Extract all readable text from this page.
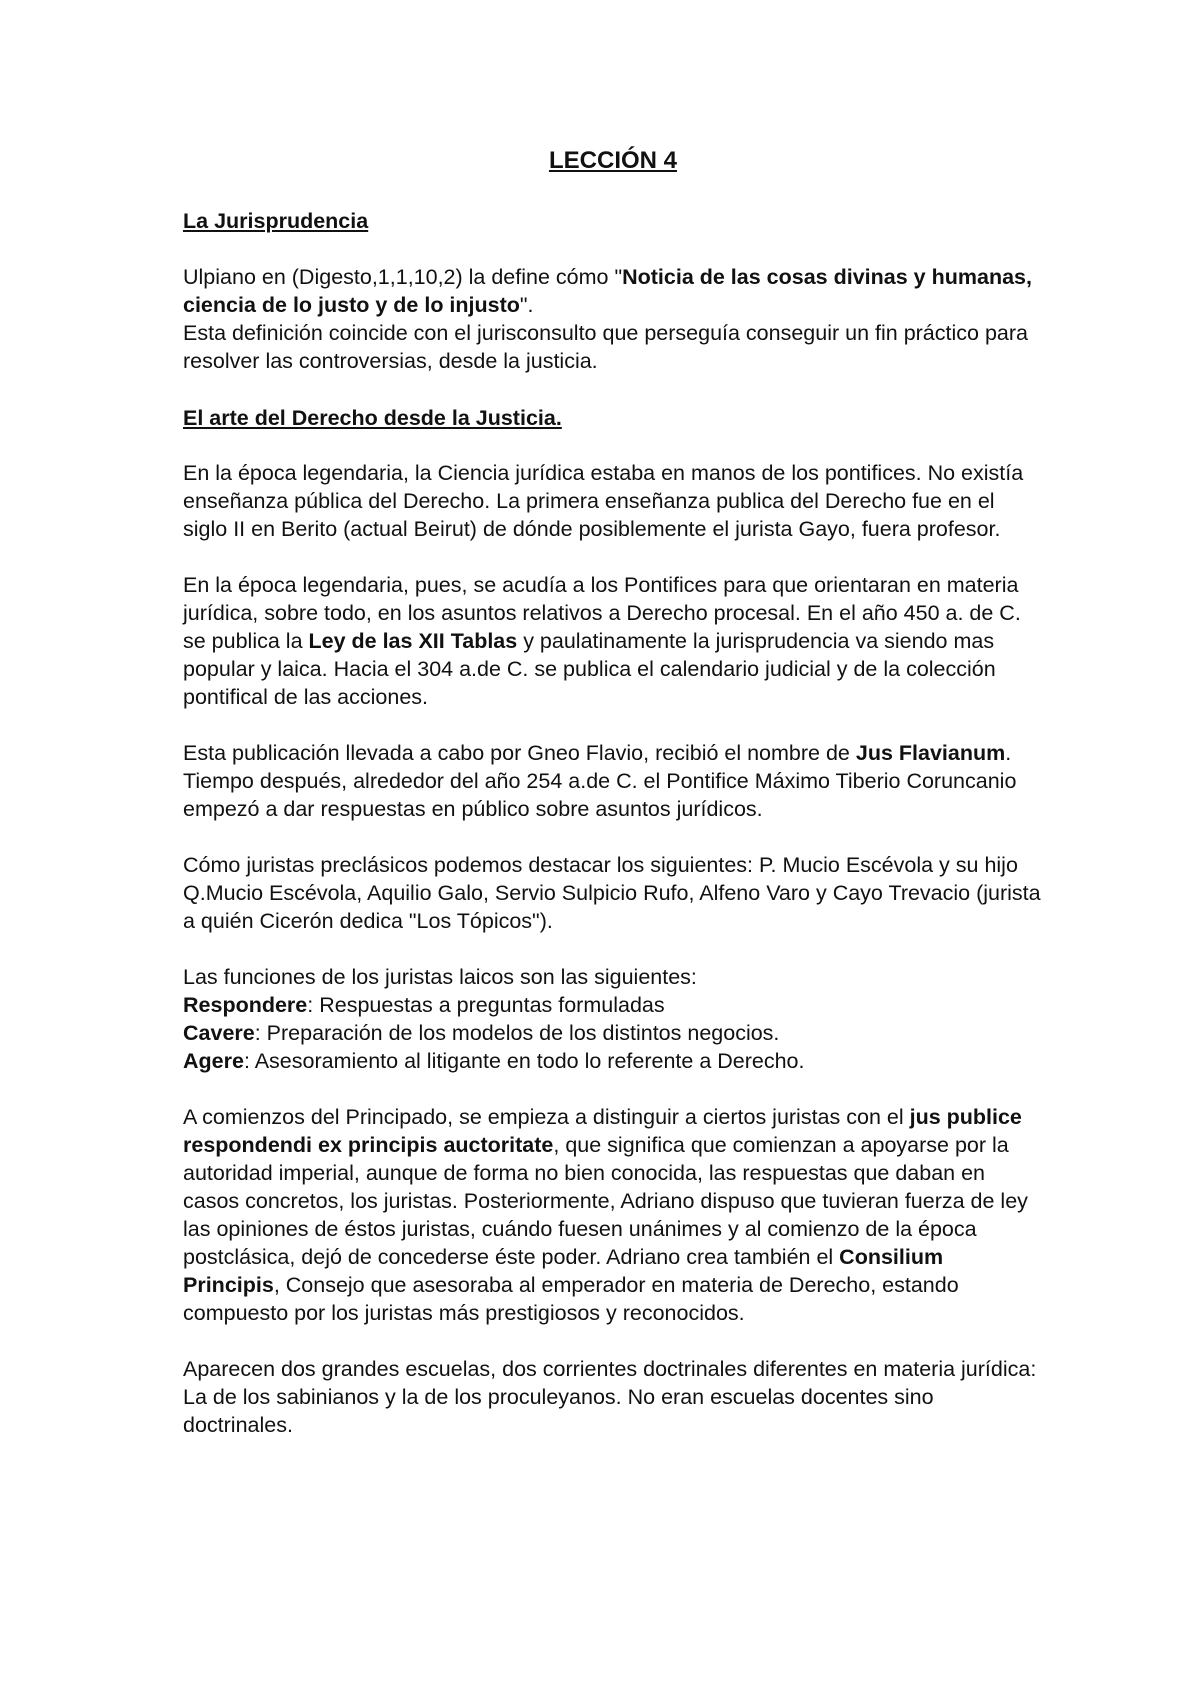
LECCIÓN 4
La Jurisprudencia

Ulpiano en (Digesto,1,1,10,2) la define cómo "Noticia de las cosas divinas y humanas, ciencia de lo justo y de lo injusto".
Esta definición coincide con el jurisconsulto que perseguía conseguir un fin práctico para resolver las controversias, desde la justicia.

El arte del Derecho desde la Justicia.

En la época legendaria, la Ciencia jurídica estaba en manos de los pontifices. No existía enseñanza pública del Derecho. La primera enseñanza publica del Derecho fue en el siglo II en Berito (actual Beirut) de dónde posiblemente el jurista Gayo, fuera profesor.

En la época legendaria, pues, se acudía a los Pontifices para que orientaran en materia jurídica, sobre todo, en los asuntos relativos a Derecho procesal. En el año 450 a. de C. se publica la Ley de las XII Tablas y paulatinamente la jurisprudencia va siendo mas popular y laica. Hacia el 304 a.de C. se publica el calendario judicial y de la colección pontifical de las acciones.

Esta publicación llevada a cabo por Gneo Flavio, recibió el nombre de Jus Flavianum. Tiempo después, alrededor del año 254 a.de C. el Pontifice Máximo Tiberio Coruncanio empezó a dar respuestas en público sobre asuntos jurídicos.

Cómo juristas preclásicos podemos destacar los siguientes: P. Mucio Escévola y su hijo Q.Mucio Escévola, Aquilio Galo, Servio Sulpicio Rufo, Alfeno Varo y Cayo Trevacio (jurista a quién Cicerón dedica "Los Tópicos").

Las funciones de los juristas laicos son las siguientes:
Respondere: Respuestas a preguntas formuladas
Cavere: Preparación de los modelos de los distintos negocios.
Agere: Asesoramiento al litigante en todo lo referente a Derecho.

A comienzos del Principado, se empieza a distinguir a ciertos juristas con el jus publice respondendi ex principis auctoritate, que significa que comienzan a apoyarse por la autoridad imperial, aunque de forma no bien conocida, las respuestas que daban en casos concretos, los juristas. Posteriormente, Adriano dispuso que tuvieran fuerza de ley las opiniones de éstos juristas, cuándo fuesen unánimes y al comienzo de la época postclásica, dejó de concederse éste poder. Adriano crea también el Consilium Principis, Consejo que asesoraba al emperador en materia de Derecho, estando compuesto por los juristas más prestigiosos y reconocidos.

Aparecen dos grandes escuelas, dos corrientes doctrinales diferentes en materia jurídica: La de los sabinianos y la de los proculeyanos. No eran escuelas docentes sino doctrinales.
